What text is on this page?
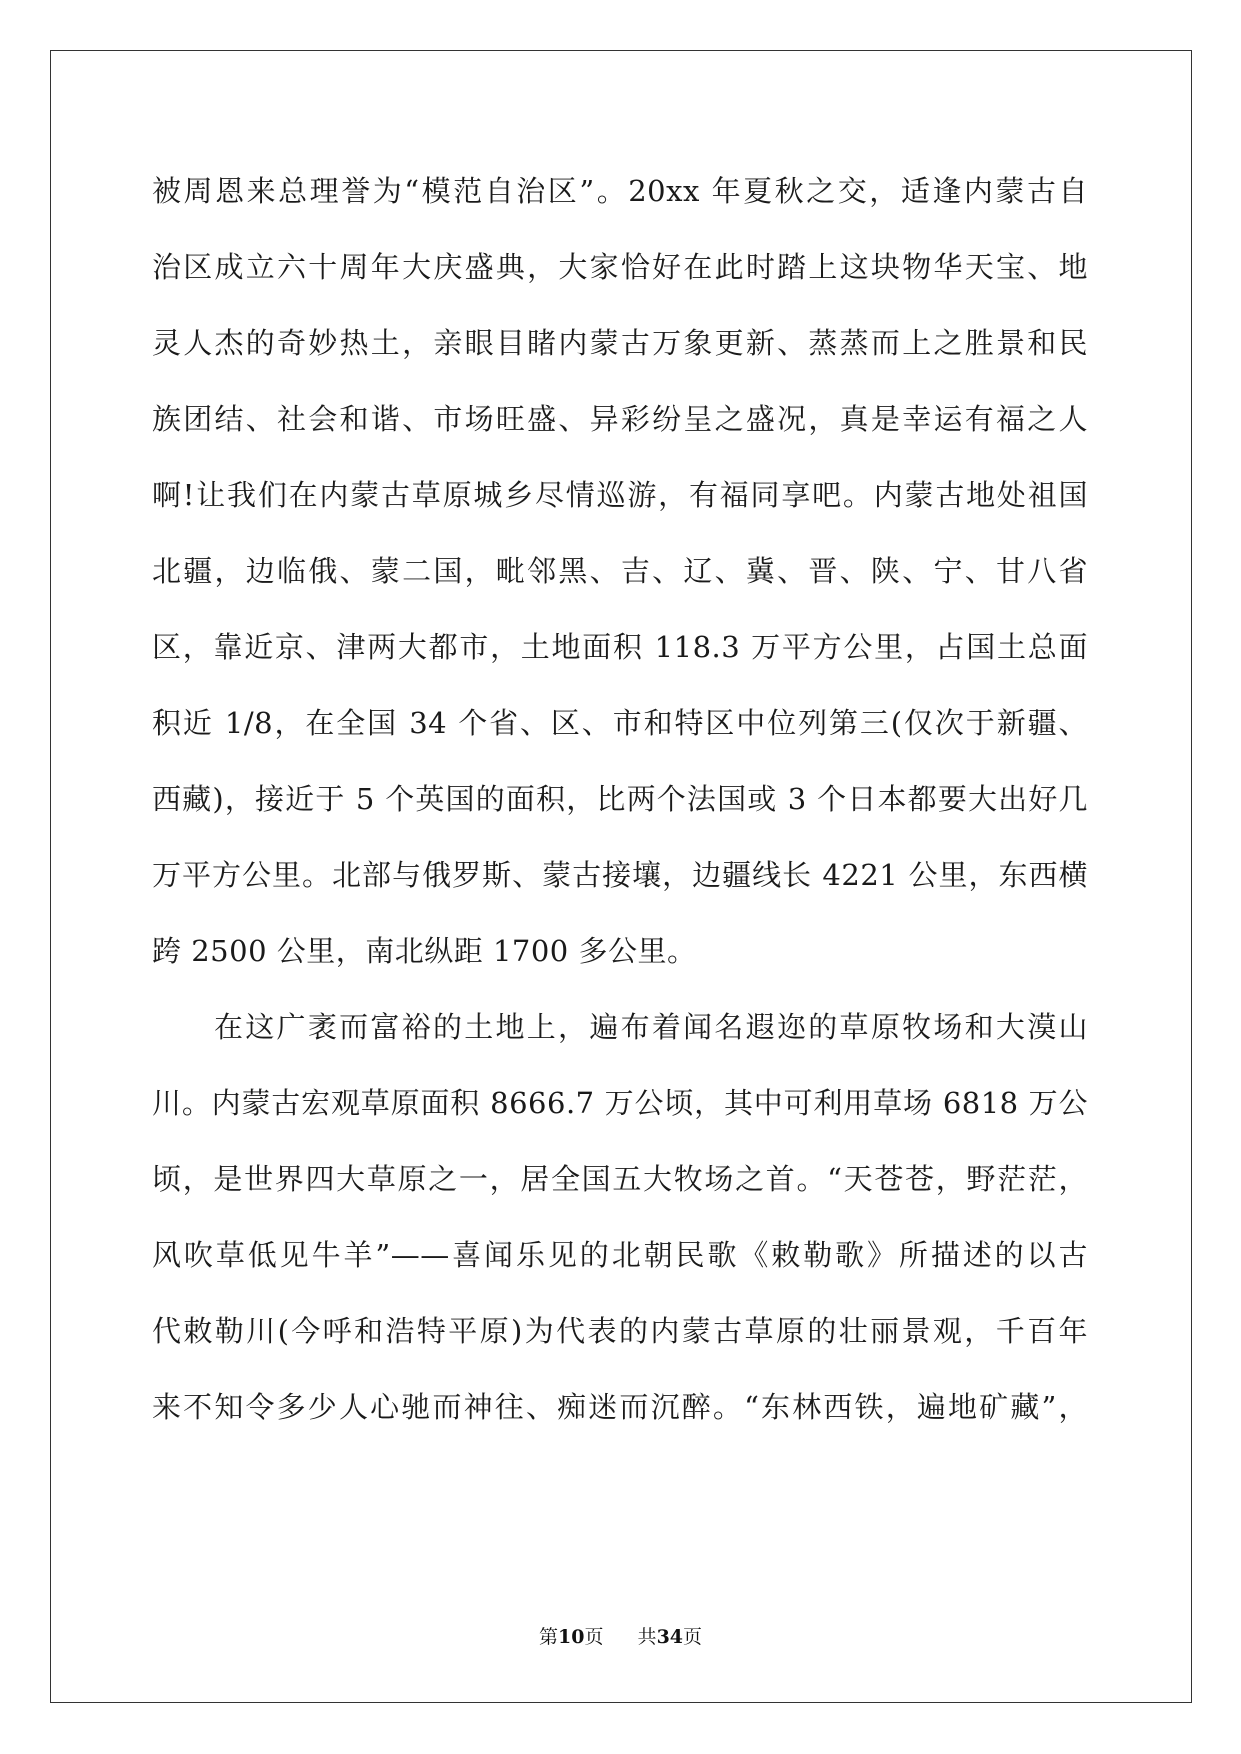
被周恩来总理誉为“模范自治区”。20xx 年夏秋之交，适逢内蒙古自
治区成立六十周年大庆盛典，大家恰好在此时踏上这块物华天宝、地
灵人杰的奇妙热土，亲眼目睹内蒙古万象更新、蒸蒸而上之胜景和民
族团结、社会和谐、市场旺盛、异彩纷呈之盛况，真是幸运有福之人
啊!让我们在内蒙古草原城乡尽情巡游，有福同享吧。内蒙古地处祖国
北疆，边临俄、蒙二国，毗邻黑、吉、辽、冀、晋、陕、宁、甘八省
区，靠近京、津两大都市，土地面积 118.3 万平方公里，占国土总面
积近 1/8，在全国 34 个省、区、市和特区中位列第三(仅次于新疆、
西藏)，接近于 5 个英国的面积，比两个法国或 3 个日本都要大出好几
万平方公里。北部与俄罗斯、蒙古接壤，边疆线长 4221 公里，东西横
跨 2500 公里，南北纵距 1700 多公里。
在这广袤而富裕的土地上，遍布着闻名遐迩的草原牧场和大漠山
川。内蒙古宏观草原面积 8666.7 万公顷，其中可利用草场 6818 万公
顷，是世界四大草原之一，居全国五大牧场之首。“天苍苍，野茫茫，
风吹草低见牛羊”——喜闻乐见的北朝民歌《敕勒歌》所描述的以古
代敕勒川(今呼和浩特平原)为代表的内蒙古草原的壮丽景观，千百年
来不知令多少人心驰而神往、痴迷而沉醉。“东林西铁，遍地矿藏”，
第10页 共34页
